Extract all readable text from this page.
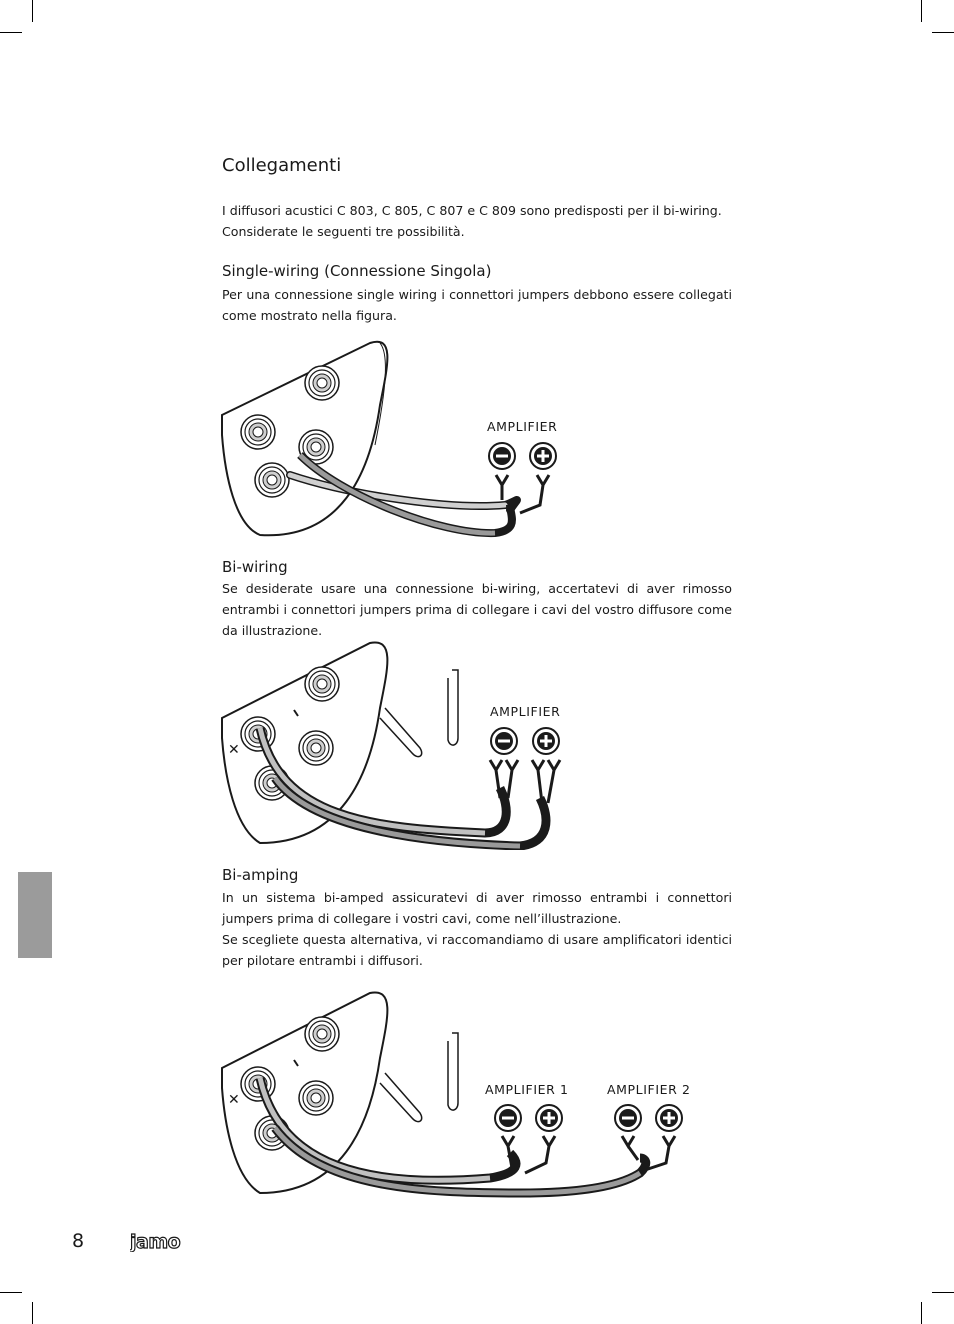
Collegamenti

I diffusori acustici C 803, C 805, C 807 e C 809 sono predisposti per il bi-wiring. Considerate le seguenti tre possibilità.

Single-wiring (Connessione Singola)

Per una connessione single wiring i connettori jumpers debbono essere collegati come mostrato nella figura.

AMPLIFIER
Bi-wiring

Se desiderate usare una connessione bi-wiring, accertatevi di aver rimosso entrambi i connettori jumpers prima di collegare i cavi del vostro diffusore come da illustrazione.

✕
AMPLIFIER
Bi-amping

In un sistema bi-amped assicuratevi di aver rimosso entrambi i connettori jumpers prima di collegare i vostri cavi, come nell’illustrazione.

Se scegliete questa alternativa, vi raccomandiamo di usare amplificatori identici per pilotare entrambi i diffusori.

✕
AMPLIFIER 1	AMPLIFIER 2
8 jamo
